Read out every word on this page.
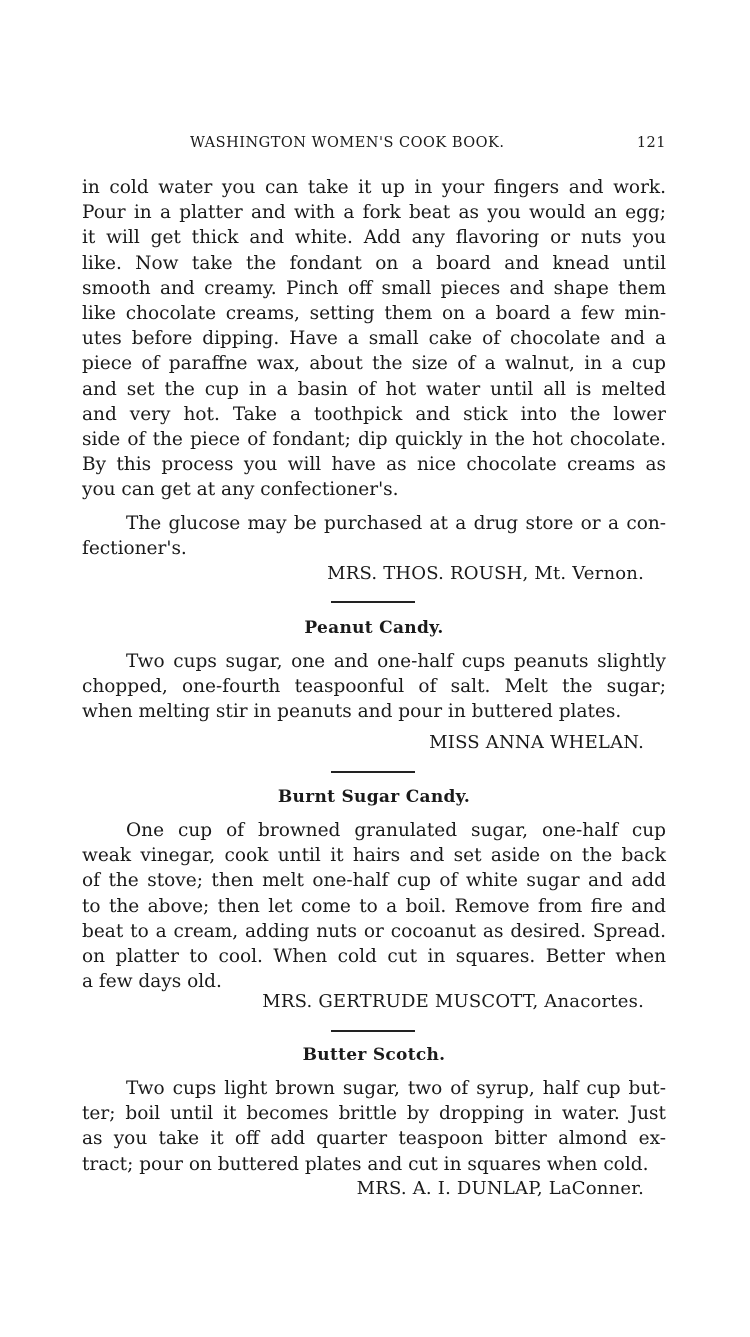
WASHINGTON WOMEN'S COOK BOOK.	121
in cold water you can take it up in your fingers and work.
Pour in a platter and with a fork beat as you would an egg;
it will get thick and white. Add any flavoring or nuts you
like. Now take the fondant on a board and knead until
smooth and creamy. Pinch off small pieces and shape them
like chocolate creams, setting them on a board a few min-
utes before dipping. Have a small cake of chocolate and a
piece of paraffne wax, about the size of a walnut, in a cup
and set the cup in a basin of hot water until all is melted
and very hot. Take a toothpick and stick into the lower
side of the piece of fondant; dip quickly in the hot chocolate.
By this process you will have as nice chocolate creams as
you can get at any confectioner's.
The glucose may be purchased at a drug store or a con-
fectioner's.
MRS. THOS. ROUSH, Mt. Vernon.
Peanut Candy.
Two cups sugar, one and one-half cups peanuts slightly
chopped, one-fourth teaspoonful of salt. Melt the sugar;
when melting stir in peanuts and pour in buttered plates.
MISS ANNA WHELAN.
Burnt Sugar Candy.
One cup of browned granulated sugar, one-half cup
weak vinegar, cook until it hairs and set aside on the back
of the stove; then melt one-half cup of white sugar and add
to the above; then let come to a boil. Remove from fire and
beat to a cream, adding nuts or cocoanut as desired. Spread.
on platter to cool. When cold cut in squares. Better when
a few days old.
MRS. GERTRUDE MUSCOTT, Anacortes.
Butter Scotch.
Two cups light brown sugar, two of syrup, half cup but-
ter; boil until it becomes brittle by dropping in water. Just
as you take it off add quarter teaspoon bitter almond ex-
tract; pour on buttered plates and cut in squares when cold.
MRS. A. I. DUNLAP, LaConner.
